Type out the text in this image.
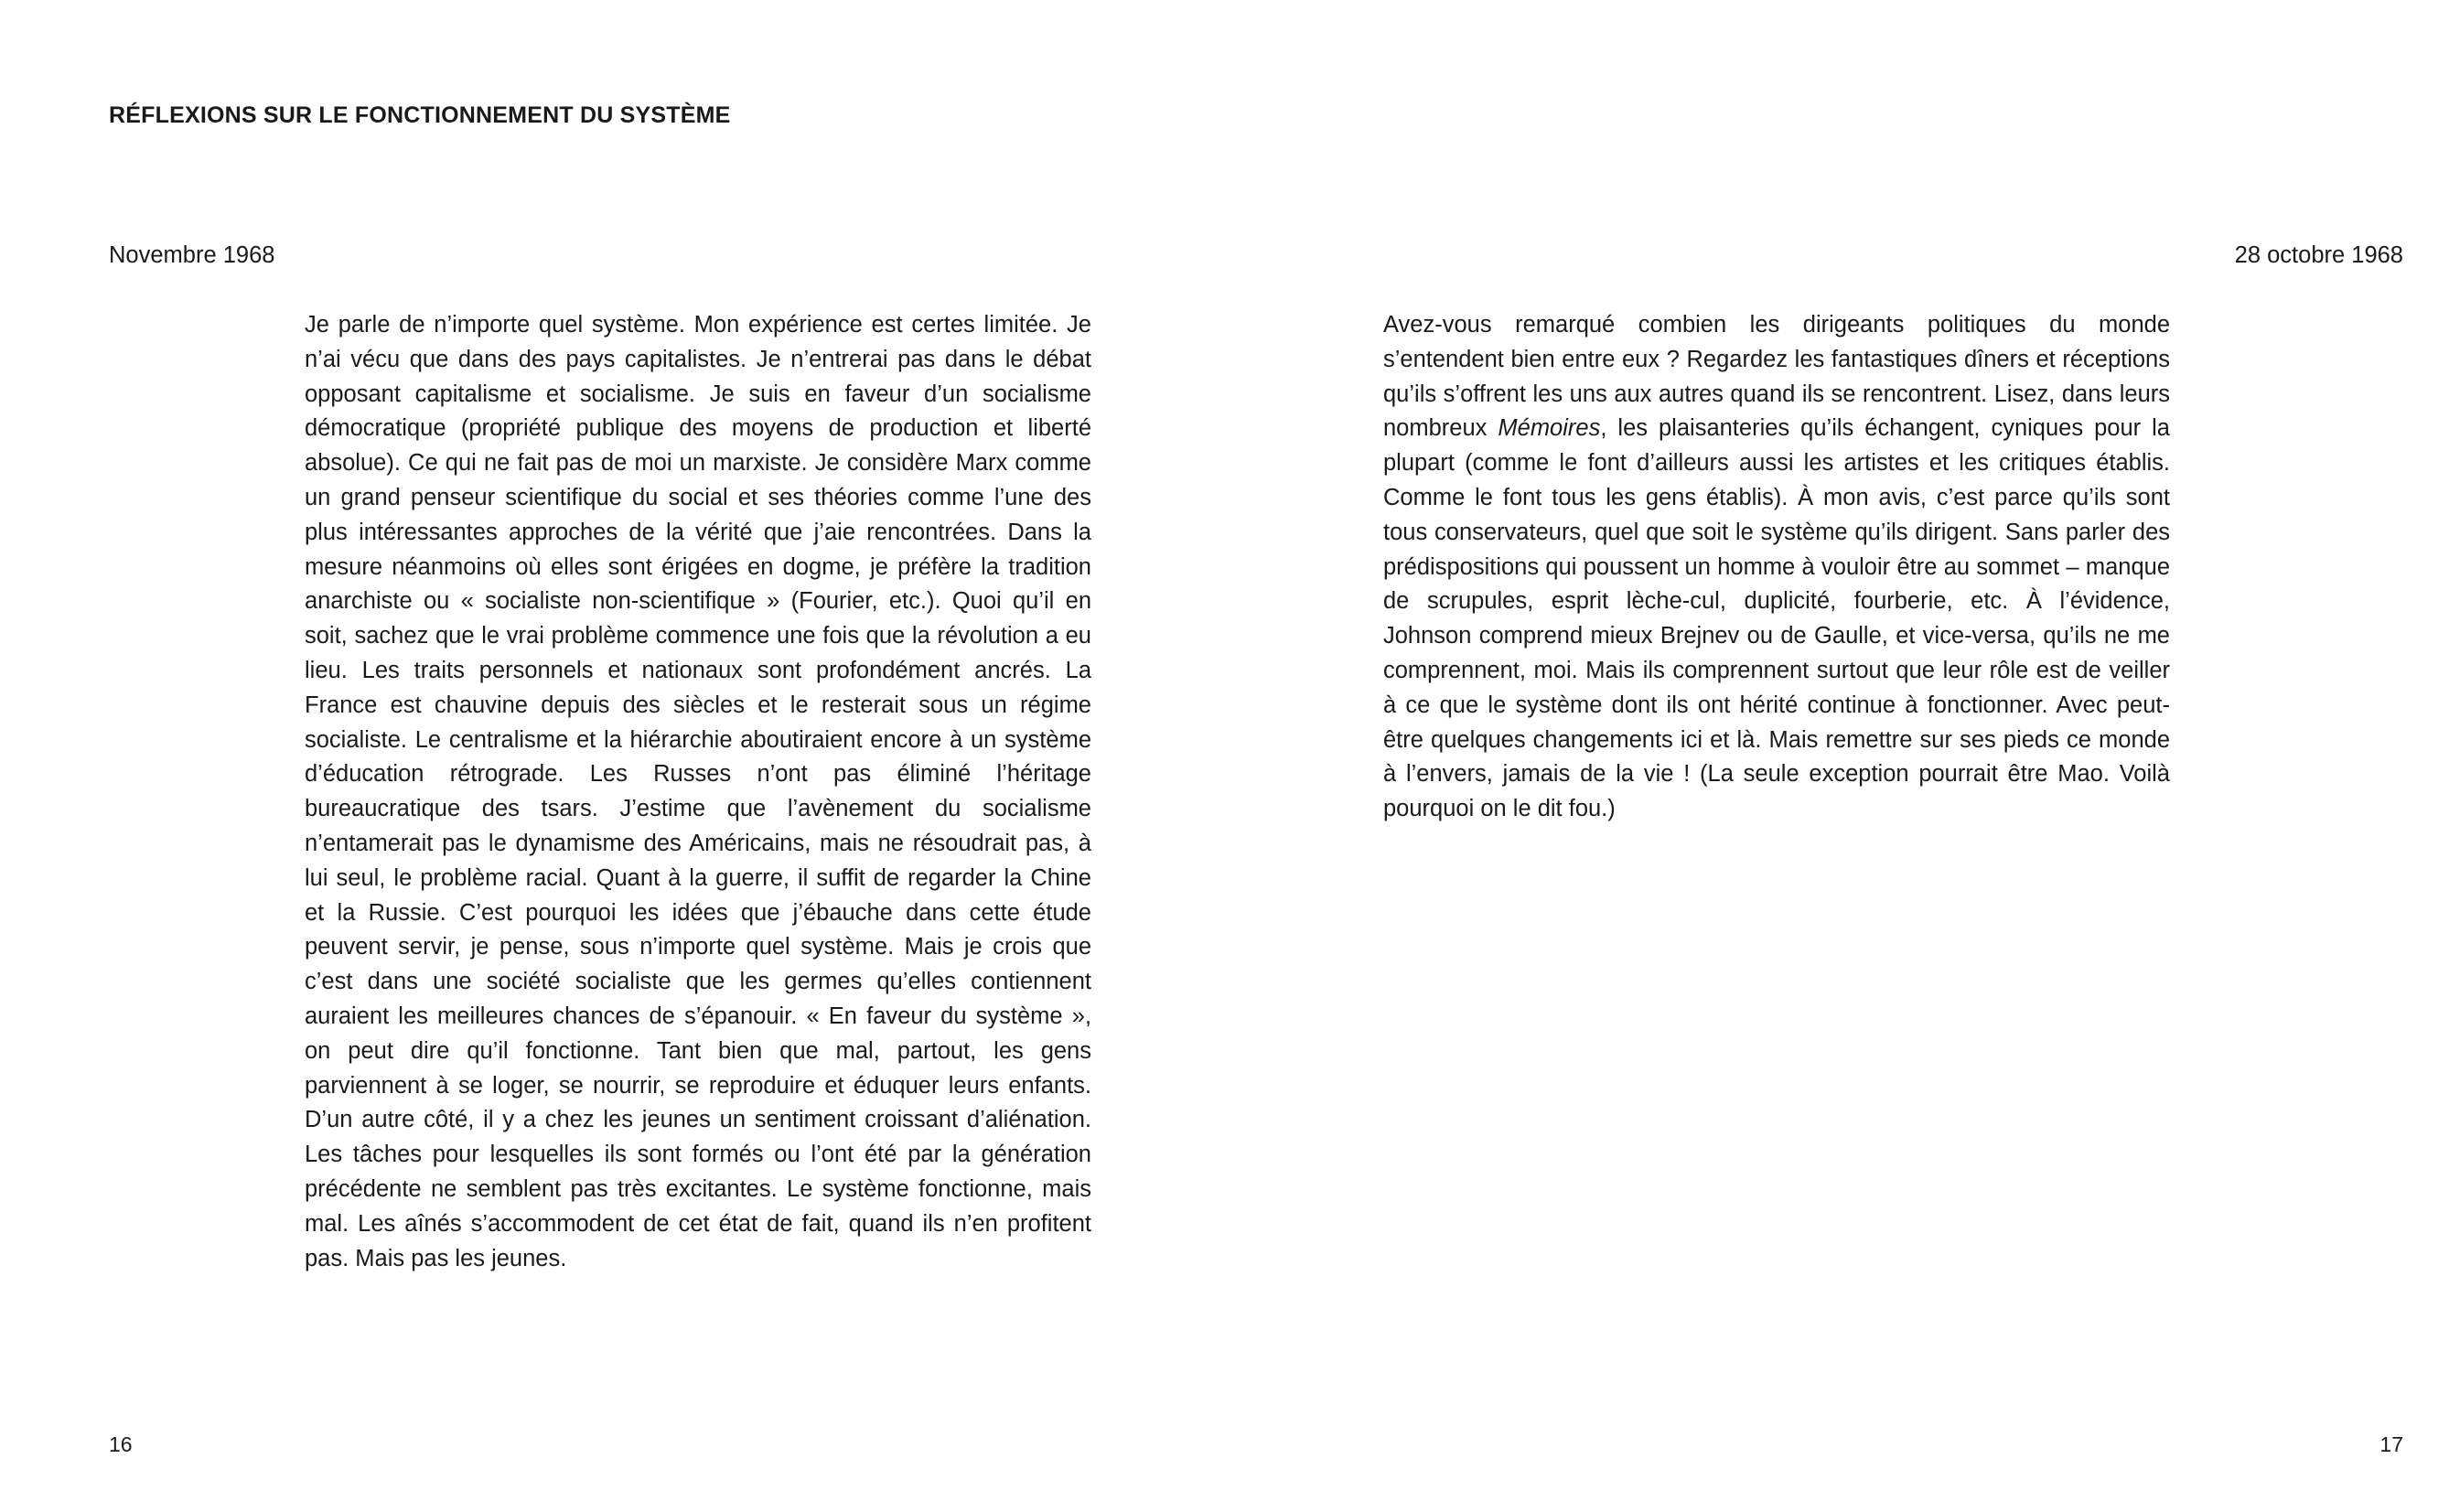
RÉFLEXIONS SUR LE FONCTIONNEMENT DU SYSTÈME
Novembre 1968

Je parle de n’importe quel système. Mon expérience est certes limitée. Je n’ai vécu que dans des pays capitalistes. Je n’entrerai pas dans le débat opposant capitalisme et socialisme. Je suis en faveur d’un socialisme démocratique (propriété publique des moyens de production et liberté absolue). Ce qui ne fait pas de moi un marxiste. Je considère Marx comme un grand penseur scientifique du social et ses théories comme l’une des plus intéressantes approches de la vérité que j’aie rencontrées. Dans la mesure néanmoins où elles sont érigées en dogme, je préfère la tradition anarchiste ou « socialiste non-scientifique » (Fourier, etc.). Quoi qu’il en soit, sachez que le vrai problème commence une fois que la révolution a eu lieu. Les traits personnels et nationaux sont profondément ancrés. La France est chauvine depuis des siècles et le resterait sous un régime socialiste. Le centralisme et la hiérarchie aboutiraient encore à un système d’éducation rétrograde. Les Russes n’ont pas éliminé l’héritage bureaucratique des tsars. J’estime que l’avènement du socialisme n’entamerait pas le dynamisme des Américains, mais ne résoudrait pas, à lui seul, le problème racial. Quant à la guerre, il suffit de regarder la Chine et la Russie. C’est pourquoi les idées que j’ébauche dans cette étude peuvent servir, je pense, sous n’importe quel système. Mais je crois que c’est dans une société socialiste que les germes qu’elles contiennent auraient les meilleures chances de s’épanouir. « En faveur du système », on peut dire qu’il fonctionne. Tant bien que mal, partout, les gens parviennent à se loger, se nourrir, se reproduire et éduquer leurs enfants. D’un autre côté, il y a chez les jeunes un sentiment croissant d’aliénation. Les tâches pour lesquelles ils sont formés ou l’ont été par la génération précédente ne semblent pas très excitantes. Le système fonctionne, mais mal. Les aînés s’accommodent de cet état de fait, quand ils n’en profitent pas. Mais pas les jeunes.

16
28 octobre 1968

Avez-vous remarqué combien les dirigeants politiques du monde s’entendent bien entre eux ? Regardez les fantastiques dîners et réceptions qu’ils s’offrent les uns aux autres quand ils se rencontrent. Lisez, dans leurs nombreux Mémoires, les plaisanteries qu’ils échangent, cyniques pour la plupart (comme le font d’ailleurs aussi les artistes et les critiques établis. Comme le font tous les gens établis). À mon avis, c’est parce qu’ils sont tous conservateurs, quel que soit le système qu’ils dirigent. Sans parler des prédispositions qui poussent un homme à vouloir être au sommet – manque de scrupules, esprit lèche-cul, duplicité, fourberie, etc. À l’évidence, Johnson comprend mieux Brejnev ou de Gaulle, et vice-versa, qu’ils ne me comprennent, moi. Mais ils comprennent surtout que leur rôle est de veiller à ce que le système dont ils ont hérité continue à fonctionner. Avec peut-être quelques changements ici et là. Mais remettre sur ses pieds ce monde à l’envers, jamais de la vie ! (La seule exception pourrait être Mao. Voilà pourquoi on le dit fou.)

17
